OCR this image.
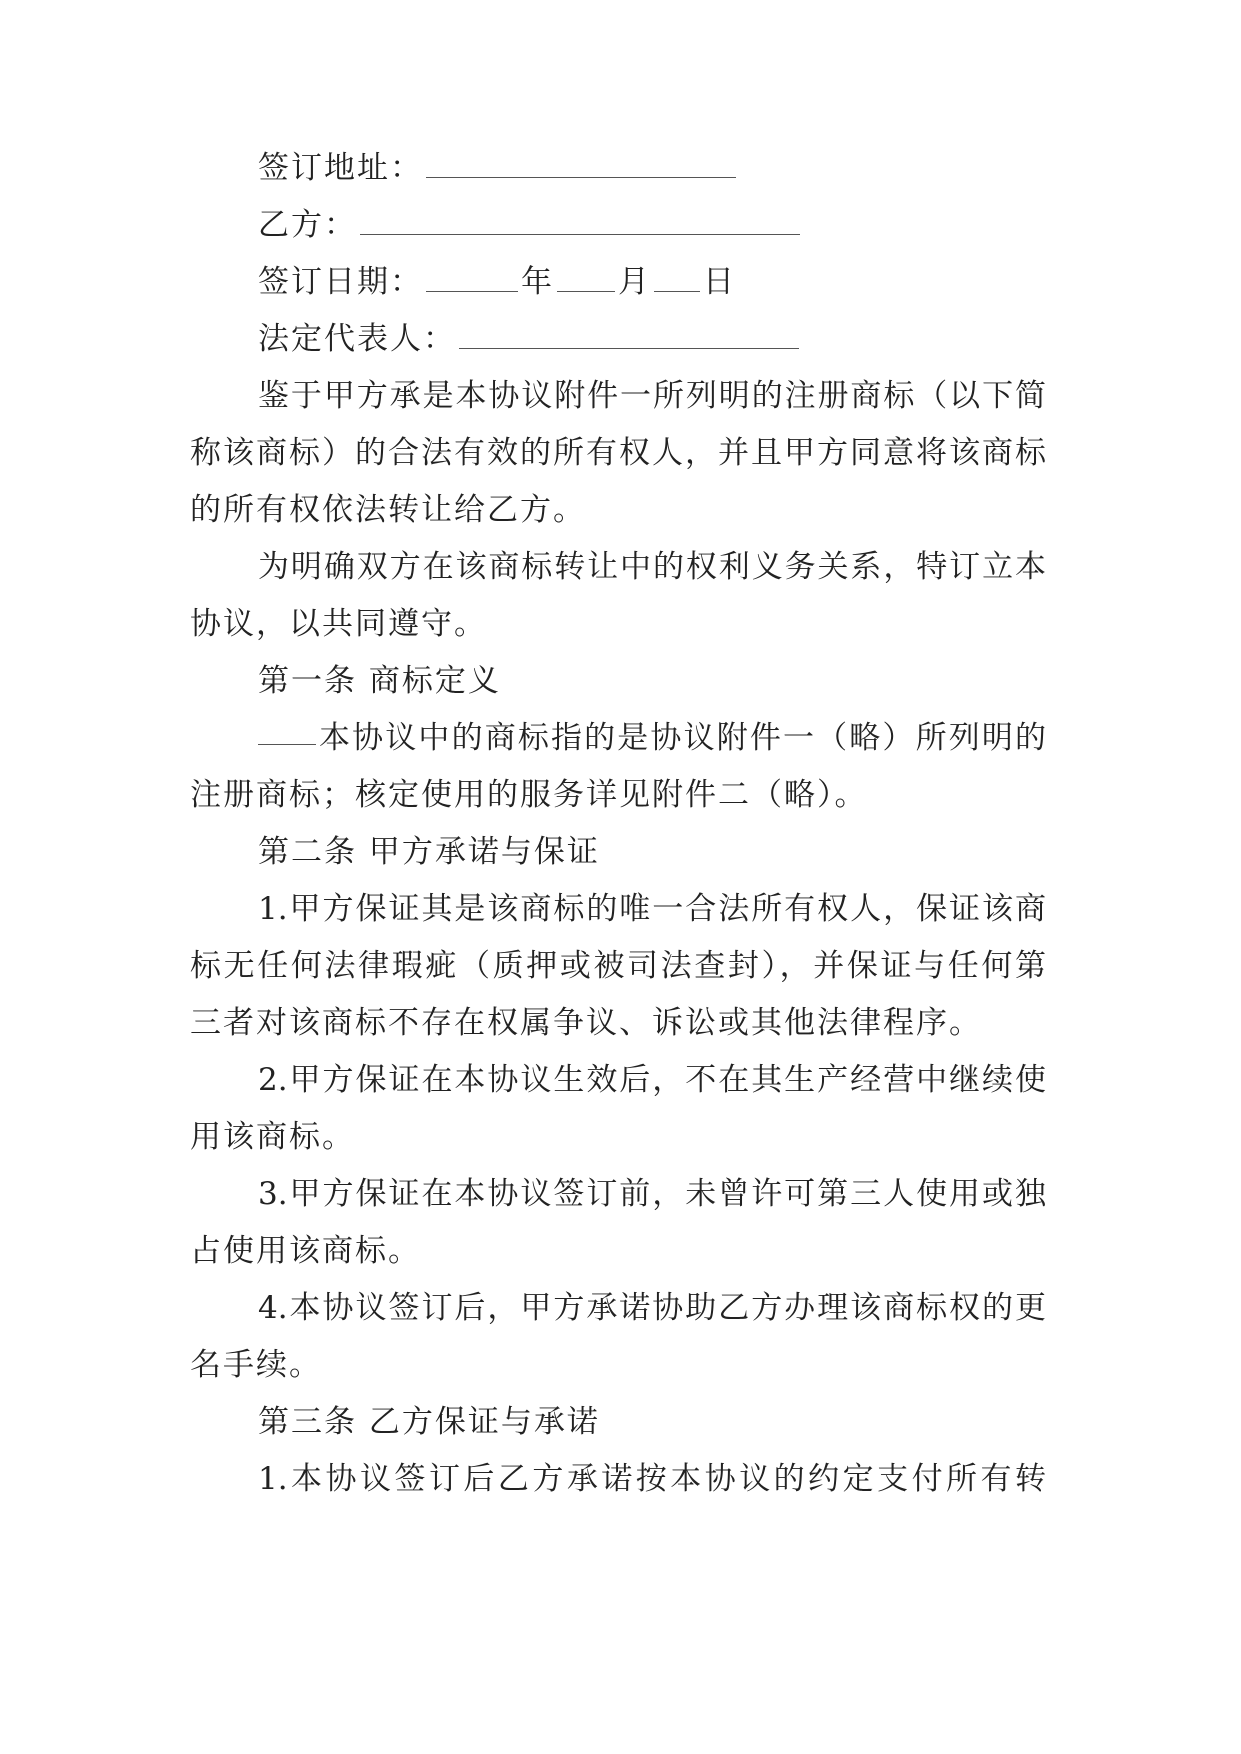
签订地址：
乙方：
签订日期：	年 月 日
法定代表人：
鉴于甲方承是本协议附件一所列明的注册商标（以下简
称该商标）的合法有效的所有权人，并且甲方同意将该商标
的所有权依法转让给乙方。
为明确双方在该商标转让中的权利义务关系，特订立本
协议，以共同遵守。
第一条 商标定义
本协议中的商标指的是协议附件一（略）所列明的
注册商标；核定使用的服务详见附件二（略）。
第二条 甲方承诺与保证
1.甲方保证其是该商标的唯一合法所有权人，保证该商
标无任何法律瑕疵（质押或被司法查封），并保证与任何第
三者对该商标不存在权属争议、诉讼或其他法律程序。
2.甲方保证在本协议生效后，不在其生产经营中继续使
用该商标。
3.甲方保证在本协议签订前，未曾许可第三人使用或独
占使用该商标。
4.本协议签订后，甲方承诺协助乙方办理该商标权的更
名手续。
第三条 乙方保证与承诺
1.本协议签订后乙方承诺按本协议的约定支付所有转
